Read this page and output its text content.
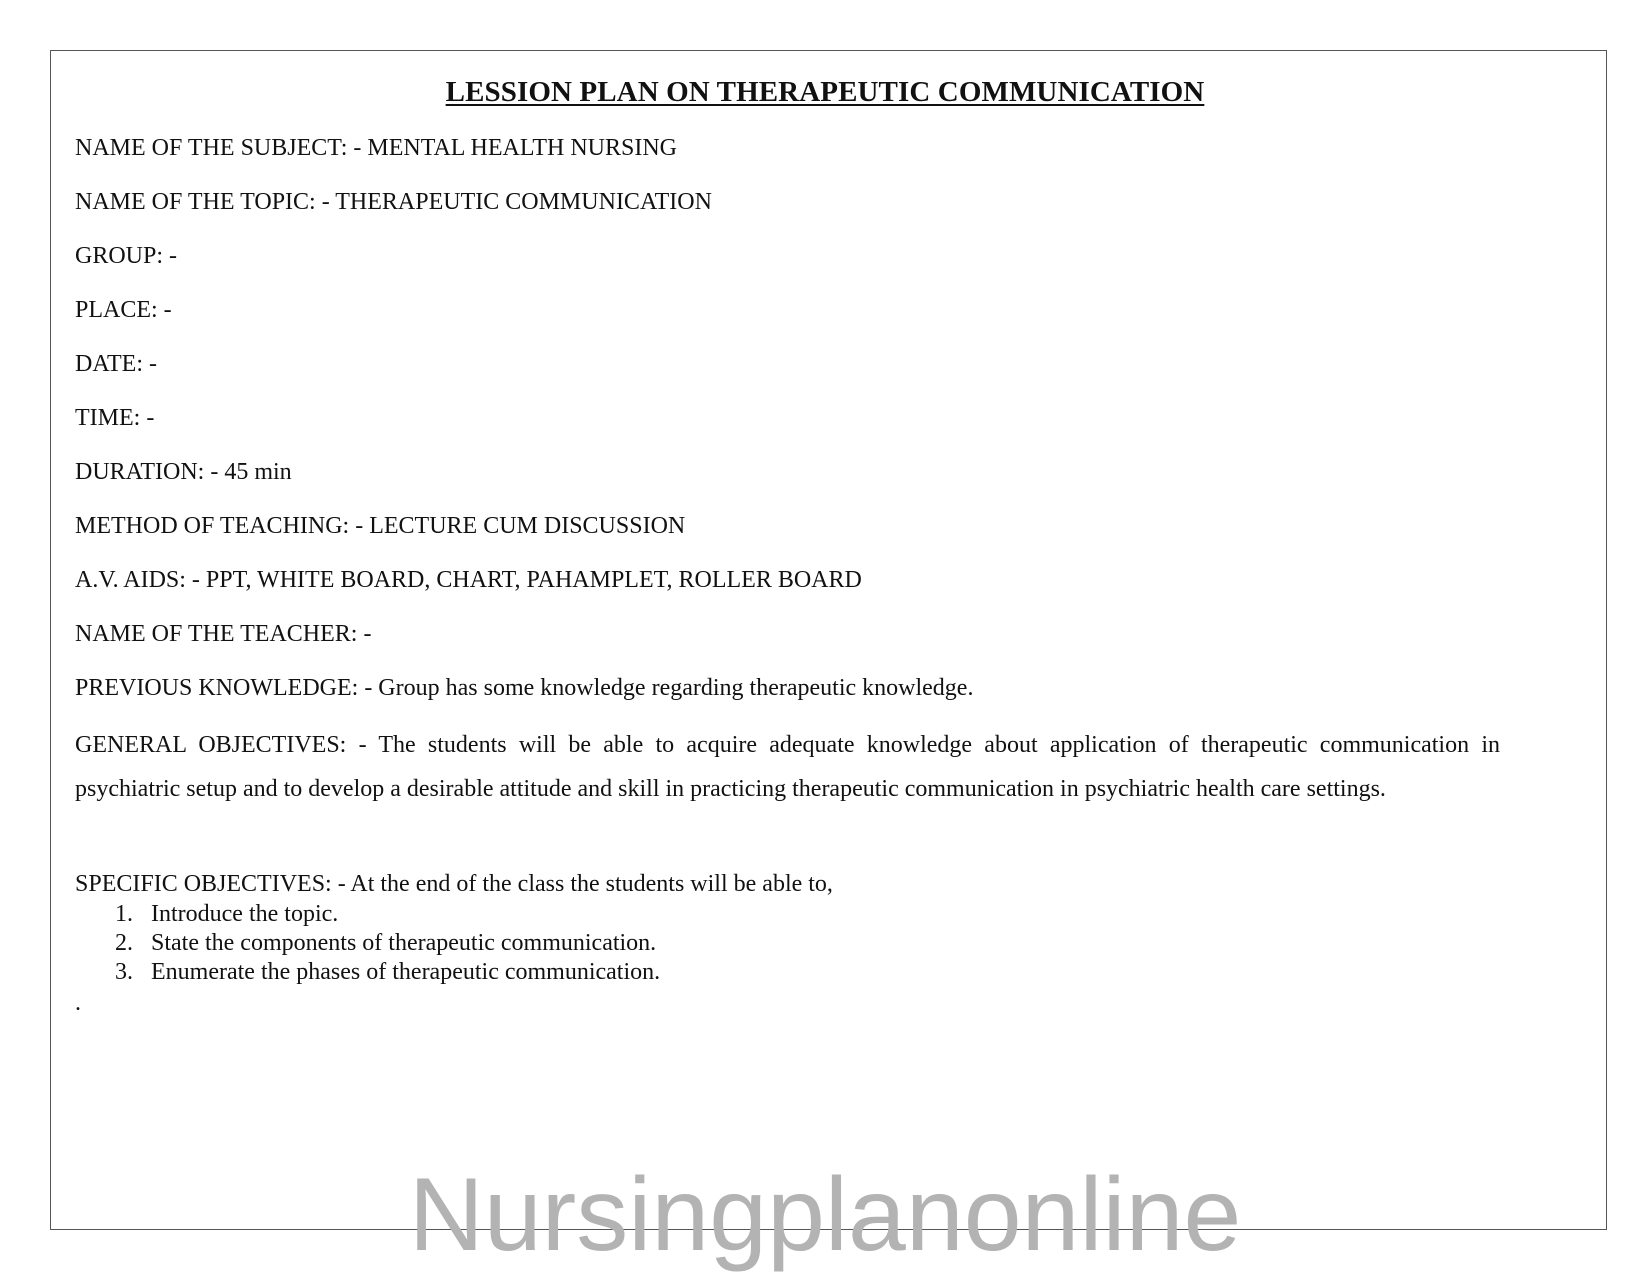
LESSION PLAN ON THERAPEUTIC COMMUNICATION
NAME OF THE SUBJECT: - MENTAL HEALTH NURSING
NAME OF THE TOPIC: - THERAPEUTIC COMMUNICATION
GROUP: -
PLACE: -
DATE: -
TIME: -
DURATION: - 45 min
METHOD OF TEACHING: - LECTURE CUM DISCUSSION
A.V. AIDS: - PPT, WHITE BOARD, CHART, PAHAMPLET, ROLLER BOARD
NAME OF THE TEACHER: -
PREVIOUS KNOWLEDGE: - Group has some knowledge regarding therapeutic knowledge.
GENERAL OBJECTIVES: - The students will be able to acquire adequate knowledge about application of therapeutic communication in psychiatric setup and to develop a desirable attitude and skill in practicing therapeutic communication in psychiatric health care settings.
SPECIFIC OBJECTIVES: - At the end of the class the students will be able to,
1. Introduce the topic.
2. State the components of therapeutic communication.
3. Enumerate the phases of therapeutic communication.
.
Nursingplanonline
